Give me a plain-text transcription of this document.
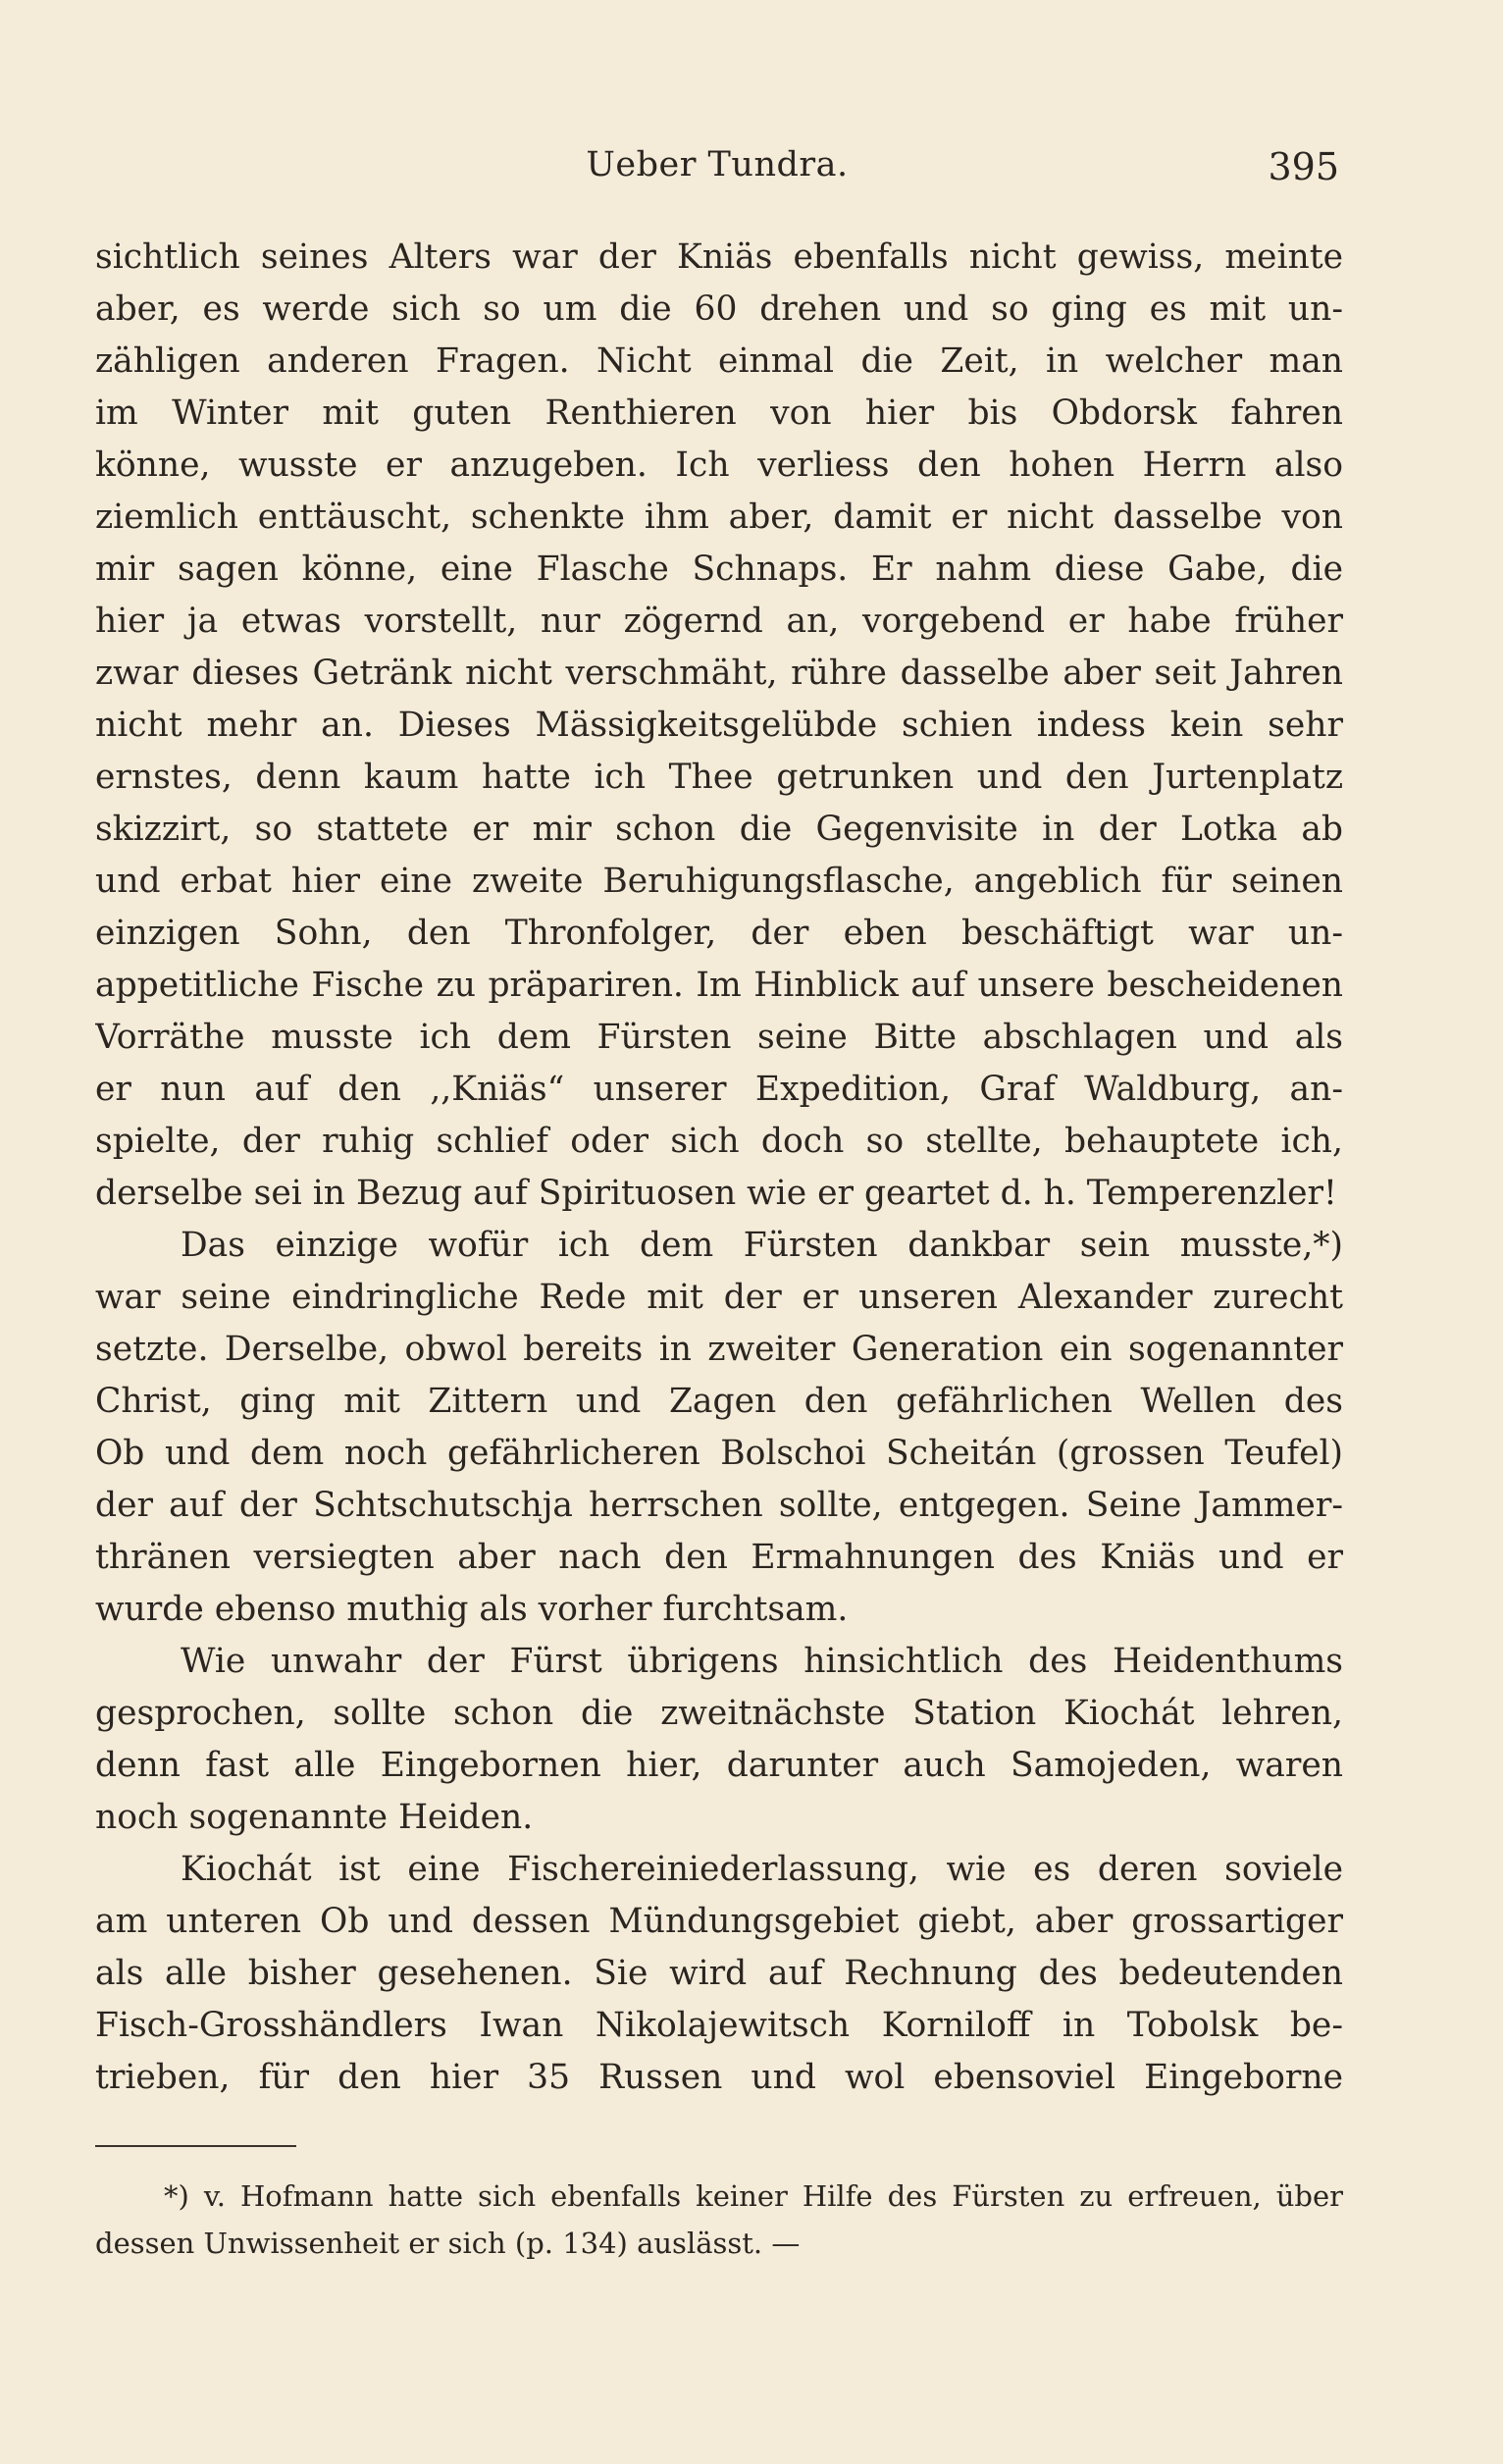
Ueber Tundra.	395
sichtlich seines Alters war der Kniäs ebenfalls nicht gewiss, meinte
aber, es werde sich so um die 60 drehen und so ging es mit un-
zähligen anderen Fragen. Nicht einmal die Zeit, in welcher man
im Winter mit guten Renthieren von hier bis Obdorsk fahren
könne, wusste er anzugeben. Ich verliess den hohen Herrn also
ziemlich enttäuscht, schenkte ihm aber, damit er nicht dasselbe von
mir sagen könne, eine Flasche Schnaps. Er nahm diese Gabe, die
hier ja etwas vorstellt, nur zögernd an, vorgebend er habe früher
zwar dieses Getränk nicht verschmäht, rühre dasselbe aber seit Jahren
nicht mehr an. Dieses Mässigkeitsgelübde schien indess kein sehr
ernstes, denn kaum hatte ich Thee getrunken und den Jurtenplatz
skizzirt, so stattete er mir schon die Gegenvisite in der Lotka ab
und erbat hier eine zweite Beruhigungsflasche, angeblich für seinen
einzigen Sohn, den Thronfolger, der eben beschäftigt war un-
appetitliche Fische zu präpariren. Im Hinblick auf unsere bescheidenen
Vorräthe musste ich dem Fürsten seine Bitte abschlagen und als
er nun auf den ,,Kniäs“ unserer Expedition, Graf Waldburg, an-
spielte, der ruhig schlief oder sich doch so stellte, behauptete ich,
derselbe sei in Bezug auf Spirituosen wie er geartet d. h. Temperenzler!
Das einzige wofür ich dem Fürsten dankbar sein musste,*)
war seine eindringliche Rede mit der er unseren Alexander zurecht
setzte. Derselbe, obwol bereits in zweiter Generation ein sogenannter
Christ, ging mit Zittern und Zagen den gefährlichen Wellen des
Ob und dem noch gefährlicheren Bolschoi Scheitán (grossen Teufel)
der auf der Schtschutschja herrschen sollte, entgegen. Seine Jammer-
thränen versiegten aber nach den Ermahnungen des Kniäs und er
wurde ebenso muthig als vorher furchtsam.
Wie unwahr der Fürst übrigens hinsichtlich des Heidenthums
gesprochen, sollte schon die zweitnächste Station Kiochát lehren,
denn fast alle Eingebornen hier, darunter auch Samojeden, waren
noch sogenannte Heiden.
Kiochát ist eine Fischereiniederlassung, wie es deren soviele
am unteren Ob und dessen Mündungsgebiet giebt, aber grossartiger
als alle bisher gesehenen. Sie wird auf Rechnung des bedeutenden
Fisch-Grosshändlers Iwan Nikolajewitsch Korniloff in Tobolsk be-
trieben, für den hier 35 Russen und wol ebensoviel Eingeborne
*) v. Hofmann hatte sich ebenfalls keiner Hilfe des Fürsten zu erfreuen, über
dessen Unwissenheit er sich (p. 134) auslässt. —
